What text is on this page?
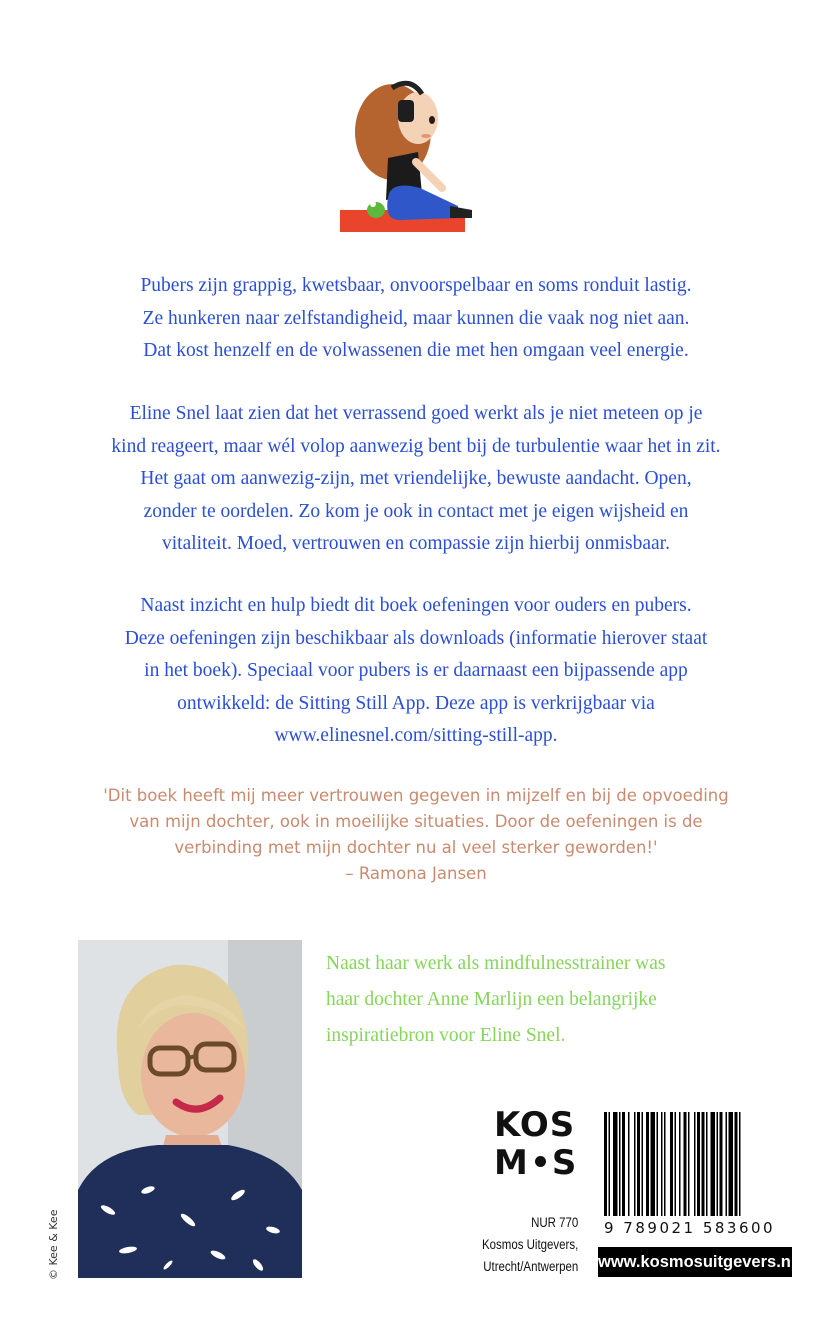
Pubers zijn grappig, kwetsbaar, onvoorspelbaar en soms ronduit lastig.
Ze hunkeren naar zelfstandigheid, maar kunnen die vaak nog niet aan.
Dat kost henzelf en de volwassenen die met hen omgaan veel energie.

Eline Snel laat zien dat het verrassend goed werkt als je niet meteen op je
kind reageert, maar wél volop aanwezig bent bij de turbulentie waar het in zit.
Het gaat om aanwezig-zijn, met vriendelijke, bewuste aandacht. Open,
zonder te oordelen. Zo kom je ook in contact met je eigen wijsheid en
vitaliteit. Moed, vertrouwen en compassie zijn hierbij onmisbaar.

Naast inzicht en hulp biedt dit boek oefeningen voor ouders en pubers.
Deze oefeningen zijn beschikbaar als downloads (informatie hierover staat
in het boek). Speciaal voor pubers is er daarnaast een bijpassende app
ontwikkeld: de Sitting Still App. Deze app is verkrijgbaar via
www.elinesnel.com/sitting-still-app.

'Dit boek heeft mij meer vertrouwen gegeven in mijzelf en bij de opvoeding
van mijn dochter, ook in moeilijke situaties. Door de oefeningen is de
verbinding met mijn dochter nu al veel sterker geworden!'
– Ramona Jansen

© Kee & Kee

Naast haar werk als mindfulnesstrainer was
haar dochter Anne Marlijn een belangrijke
inspiratiebron voor Eline Snel.

KOS
M S
NUR 770
Kosmos Uitgevers,
Utrecht/Antwerpen
9 789021 583600
www.kosmosuitgevers.nl
